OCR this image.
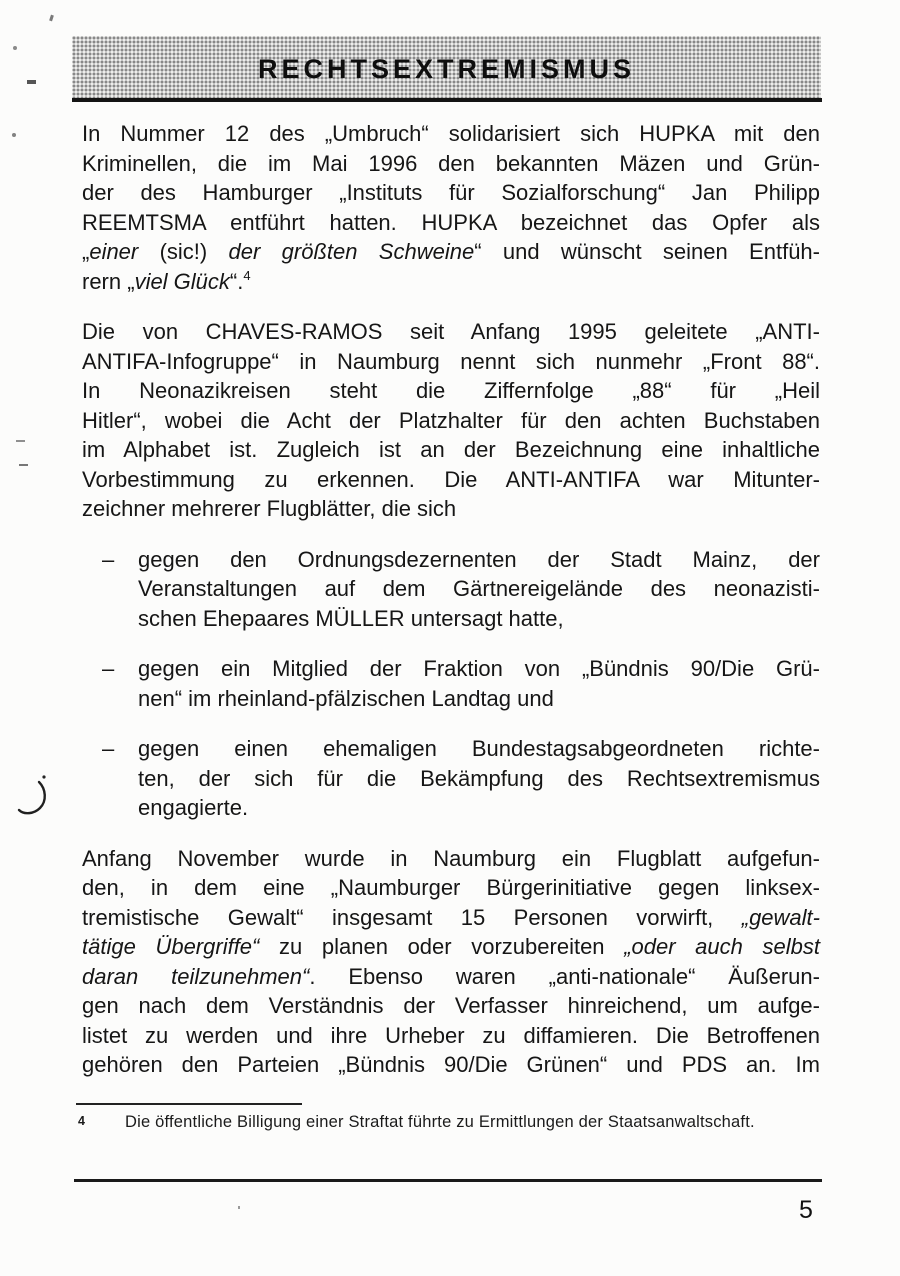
RECHTSEXTREMISMUS
In Nummer 12 des „Umbruch“ solidarisiert sich HUPKA mit den
Kriminellen, die im Mai 1996 den bekannten Mäzen und Grün-
der des Hamburger „Instituts für Sozialforschung“ Jan Philipp
REEMTSMA entführt hatten. HUPKA bezeichnet das Opfer als
„einer (sic!) der größten Schweine“ und wünscht seinen Entfüh-
rern „viel Glück“.$^4$
Die von CHAVES-RAMOS seit Anfang 1995 geleitete „ANTI-
ANTIFA-Infogruppe“ in Naumburg nennt sich nunmehr „Front 88“.
In Neonazikreisen steht die Ziffernfolge „88“ für „Heil
Hitler“, wobei die Acht der Platzhalter für den achten Buchstaben
im Alphabet ist. Zugleich ist an der Bezeichnung eine inhaltliche
Vorbestimmung zu erkennen. Die ANTI-ANTIFA war Mitunter-
zeichner mehrerer Flugblätter, die sich
–	gegen den Ordnungsdezernenten der Stadt Mainz, der
Veranstaltungen auf dem Gärtnereigelände des neonazisti-
schen Ehepaares MÜLLER untersagt hatte,
–	gegen ein Mitglied der Fraktion von „Bündnis 90/Die Grü-
nen“ im rheinland-pfälzischen Landtag und
–	gegen einen ehemaligen Bundestagsabgeordneten richte-
ten, der sich für die Bekämpfung des Rechtsextremismus
engagierte.
Anfang November wurde in Naumburg ein Flugblatt aufgefun-
den, in dem eine „Naumburger Bürgerinitiative gegen linksex-
tremistische Gewalt“ insgesamt 15 Personen vorwirft, „gewalt-
tätige Übergriffe“ zu planen oder vorzubereiten „oder auch selbst
daran teilzunehmen“. Ebenso waren „anti-nationale“ Äußerun-
gen nach dem Verständnis der Verfasser hinreichend, um aufge-
listet zu werden und ihre Urheber zu diffamieren. Die Betroffenen
gehören den Parteien „Bündnis 90/Die Grünen“ und PDS an. Im
4	Die öffentliche Billigung einer Straftat führte zu Ermittlungen der Staatsanwaltschaft.
5
